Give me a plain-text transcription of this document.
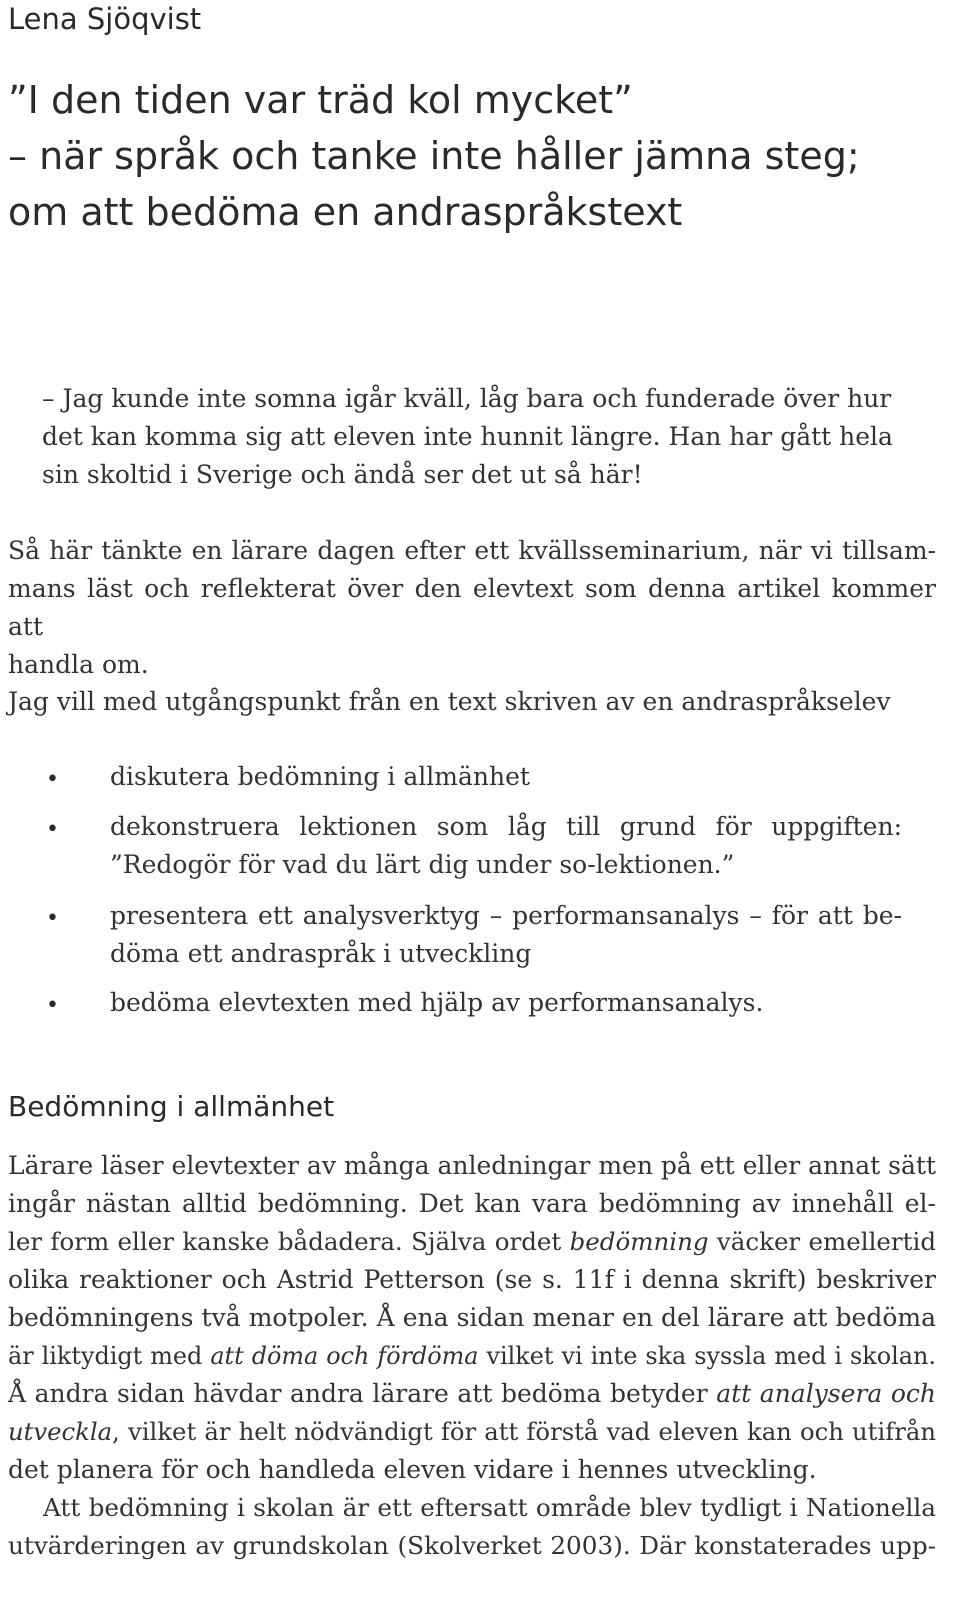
Lena Sjöqvist
”I den tiden var träd kol mycket”
– när språk och tanke inte håller jämna steg;
om att bedöma en andraspråkstext
– Jag kunde inte somna igår kväll, låg bara och funderade över hur
det kan komma sig att eleven inte hunnit längre. Han har gått hela
sin skoltid i Sverige och ändå ser det ut så här!
Så här tänkte en lärare dagen efter ett kvällsseminarium, när vi tillsam-
mans läst och reflekterat över den elevtext som denna artikel kommer att
handla om.
Jag vill med utgångspunkt från en text skriven av en andraspråkselev
• diskutera bedömning i allmänhet
• dekonstruera lektionen som låg till grund för uppgiften:
”Redogör för vad du lärt dig under so-lektionen.”
• presentera ett analysverktyg – performansanalys – för att be-
döma ett andraspråk i utveckling
• bedöma elevtexten med hjälp av performansanalys.
Bedömning i allmänhet
Lärare läser elevtexter av många anledningar men på ett eller annat sätt
ingår nästan alltid bedömning. Det kan vara bedömning av innehåll el-
ler form eller kanske bådadera. Själva ordet bedömning väcker emellertid
olika reaktioner och Astrid Petterson (se s. 11f i denna skrift) beskriver
bedömningens två motpoler. Å ena sidan menar en del lärare att bedöma
är liktydigt med att döma och fördöma vilket vi inte ska syssla med i skolan.
Å andra sidan hävdar andra lärare att bedöma betyder att analysera och
utveckla, vilket är helt nödvändigt för att förstå vad eleven kan och utifrån
det planera för och handleda eleven vidare i hennes utveckling.
Att bedömning i skolan är ett eftersatt område blev tydligt i Nationella
utvärderingen av grundskolan (Skolverket 2003). Där konstaterades upp-
